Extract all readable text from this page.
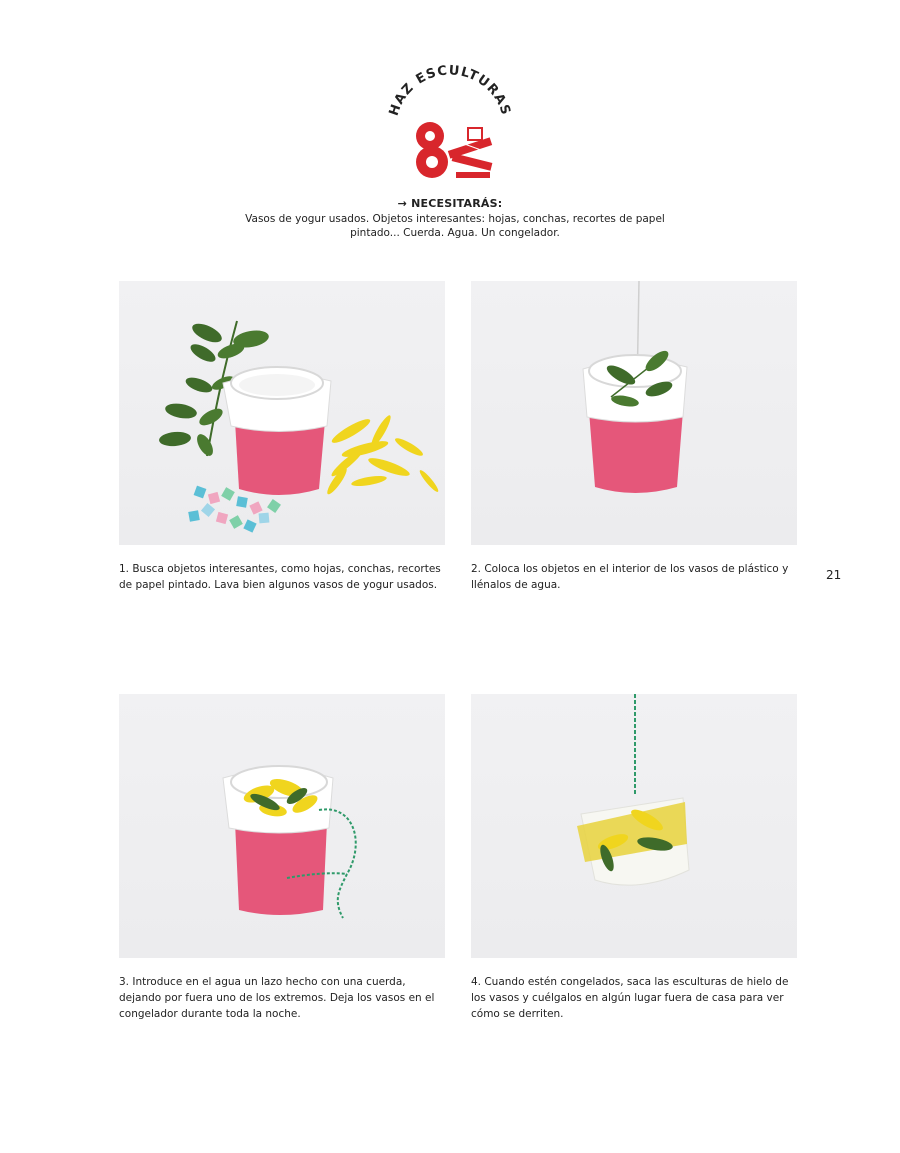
HAZ ESCULTURAS
→ NECESITARÁS:
Vasos de yogur usados. Objetos interesantes: hojas, conchas, recortes de papel pintado... Cuerda. Agua. Un congelador.
1. Busca objetos interesantes, como hojas, conchas, recortes de papel pintado. Lava bien algunos vasos de yogur usados.
2. Coloca los objetos en el interior de los vasos de plástico y llénalos de agua.
3. Introduce en el agua un lazo hecho con una cuerda, dejando por fuera uno de los extremos. Deja los vasos en el congelador durante toda la noche.
4. Cuando estén congelados, saca las esculturas de hielo de los vasos y cuélgalos en algún lugar fuera de casa para ver cómo se derriten.
21
